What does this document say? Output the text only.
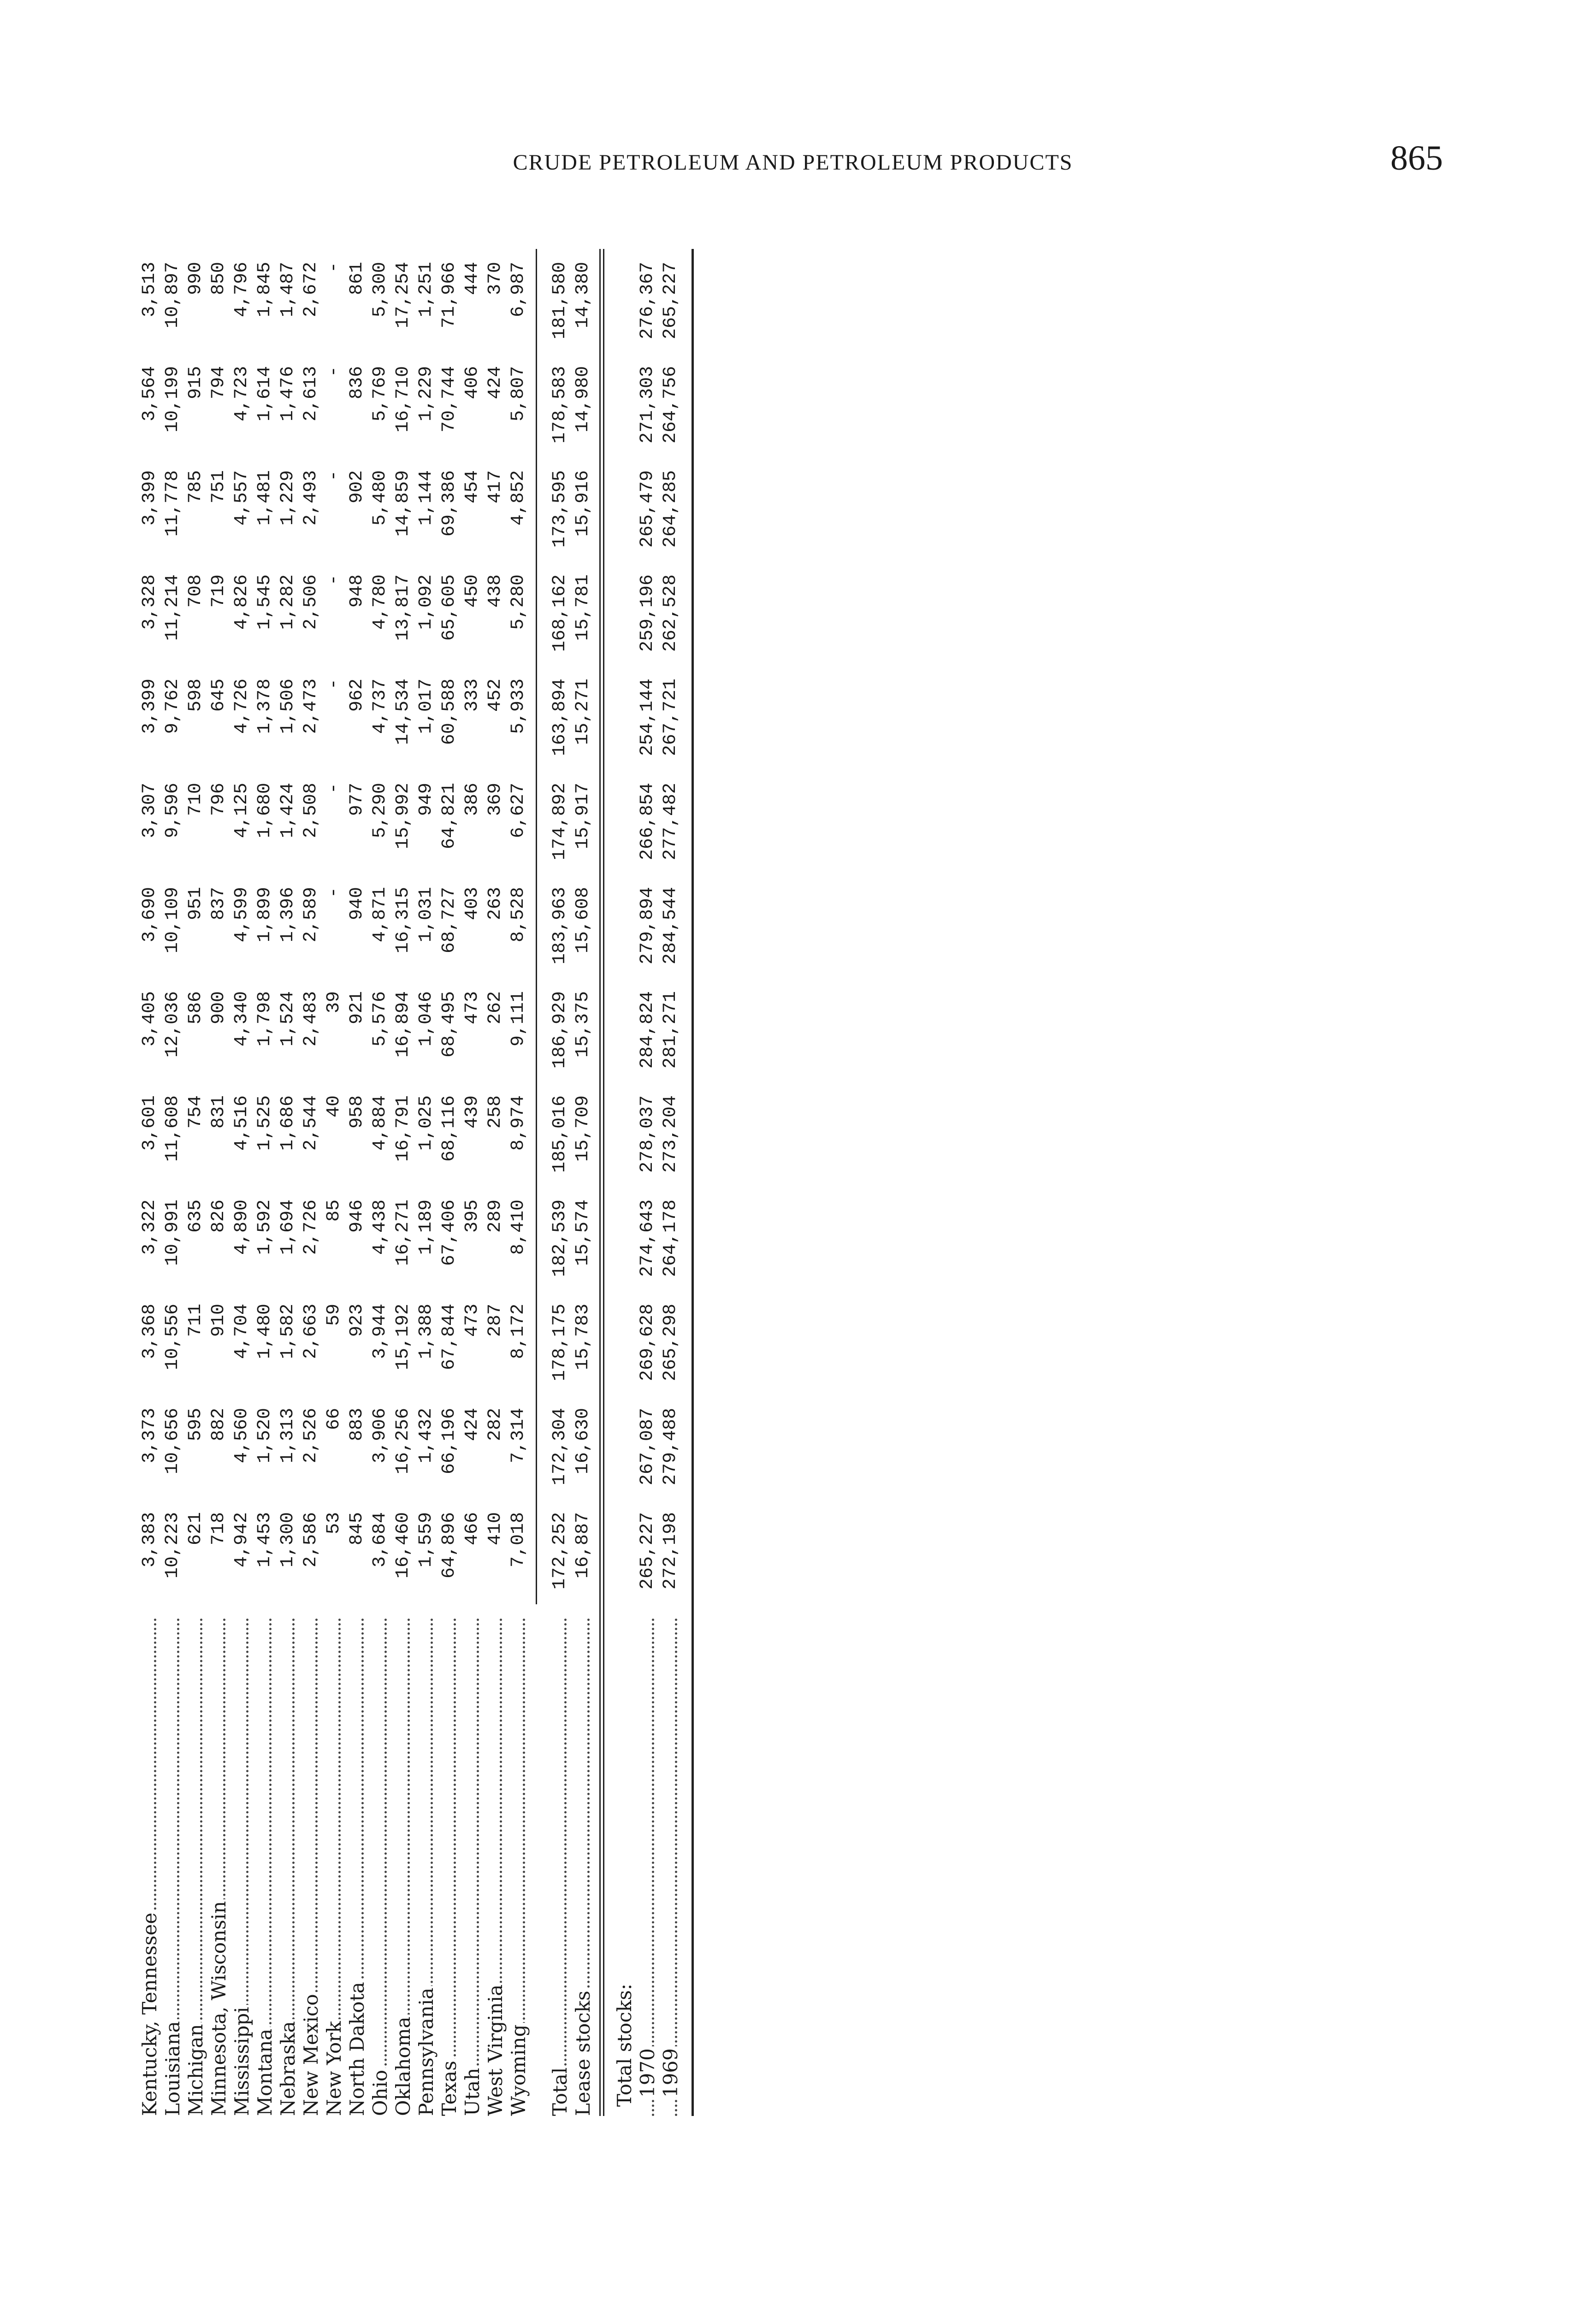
CRUDE PETROLEUM AND PETROLEUM PRODUCTS	865
Kentucky, Tennessee Louisiana Michigan Minnesota, Wisconsin Mississippi Montana Nebraska New Mexico New York North Dakota Ohio Oklahoma Pennsylvania Texas Utah West Virginia Wyoming Total Lease stocks 1970 1969
Total stocks:
3,383 10,223 621 718 4,942 1,453 1,300 2,586 53 845 3,684 16,460 1,559 64,896 466 410 7,018 172,252 16,887 265,227 272,198
3,373 10,656 595 882 4,560 1,520 1,313 2,526 66 883 3,906 16,256 1,432 66,196 424 282 7,314 172,304 16,630 267,087 279,488
3,368 10,556 711 910 4,704 1,480 1,582 2,663 59 923 3,944 15,192 1,388 67,844 473 287 8,172 178,175 15,783 269,628 265,298
3,322 10,991 635 826 4,890 1,592 1,694 2,726 85 946 4,438 16,271 1,189 67,406 395 289 8,410 182,539 15,574 274,643 264,178
3,601 11,608 754 831 4,516 1,525 1,686 2,544 40 958 4,884 16,791 1,025 68,116 439 258 8,974 185,016 15,709 278,037 273,204
3,405 12,036 586 900 4,340 1,798 1,524 2,483 39 921 5,576 16,894 1,046 68,495 473 262 9,111 186,929 15,375 284,824 281,271
3,690 10,109 951 837 4,599 1,899 1,396 2,589 - 940 4,871 16,315 1,031 68,727 403 263 8,528 183,963 15,608 279,894 284,544
3,307 9,596 710 796 4,125 1,680 1,424 2,508 - 977 5,290 15,992 949 64,821 386 369 6,627 174,892 15,917 266,854 277,482
3,399 9,762 598 645 4,726 1,378 1,506 2,473 - 962 4,737 14,534 1,017 60,588 333 452 5,933 163,894 15,271 254,144 267,721
3,328 11,214 708 719 4,826 1,545 1,282 2,506 - 948 4,780 13,817 1,092 65,605 450 438 5,280 168,162 15,781 259,196 262,528
3,399 11,778 785 751 4,557 1,481 1,229 2,493 - 902 5,480 14,859 1,144 69,386 454 417 4,852 173,595 15,916 265,479 264,285
3,564 10,199 915 794 4,723 1,614 1,476 2,613 - 836 5,769 16,710 1,229 70,744 406 424 5,807 178,583 14,980 271,303 264,756
3,513 10,897 990 850 4,796 1,845 1,487 2,672 - 861 5,300 17,254 1,251 71,966 444 370 6,987 181,580 14,380 276,367 265,227
